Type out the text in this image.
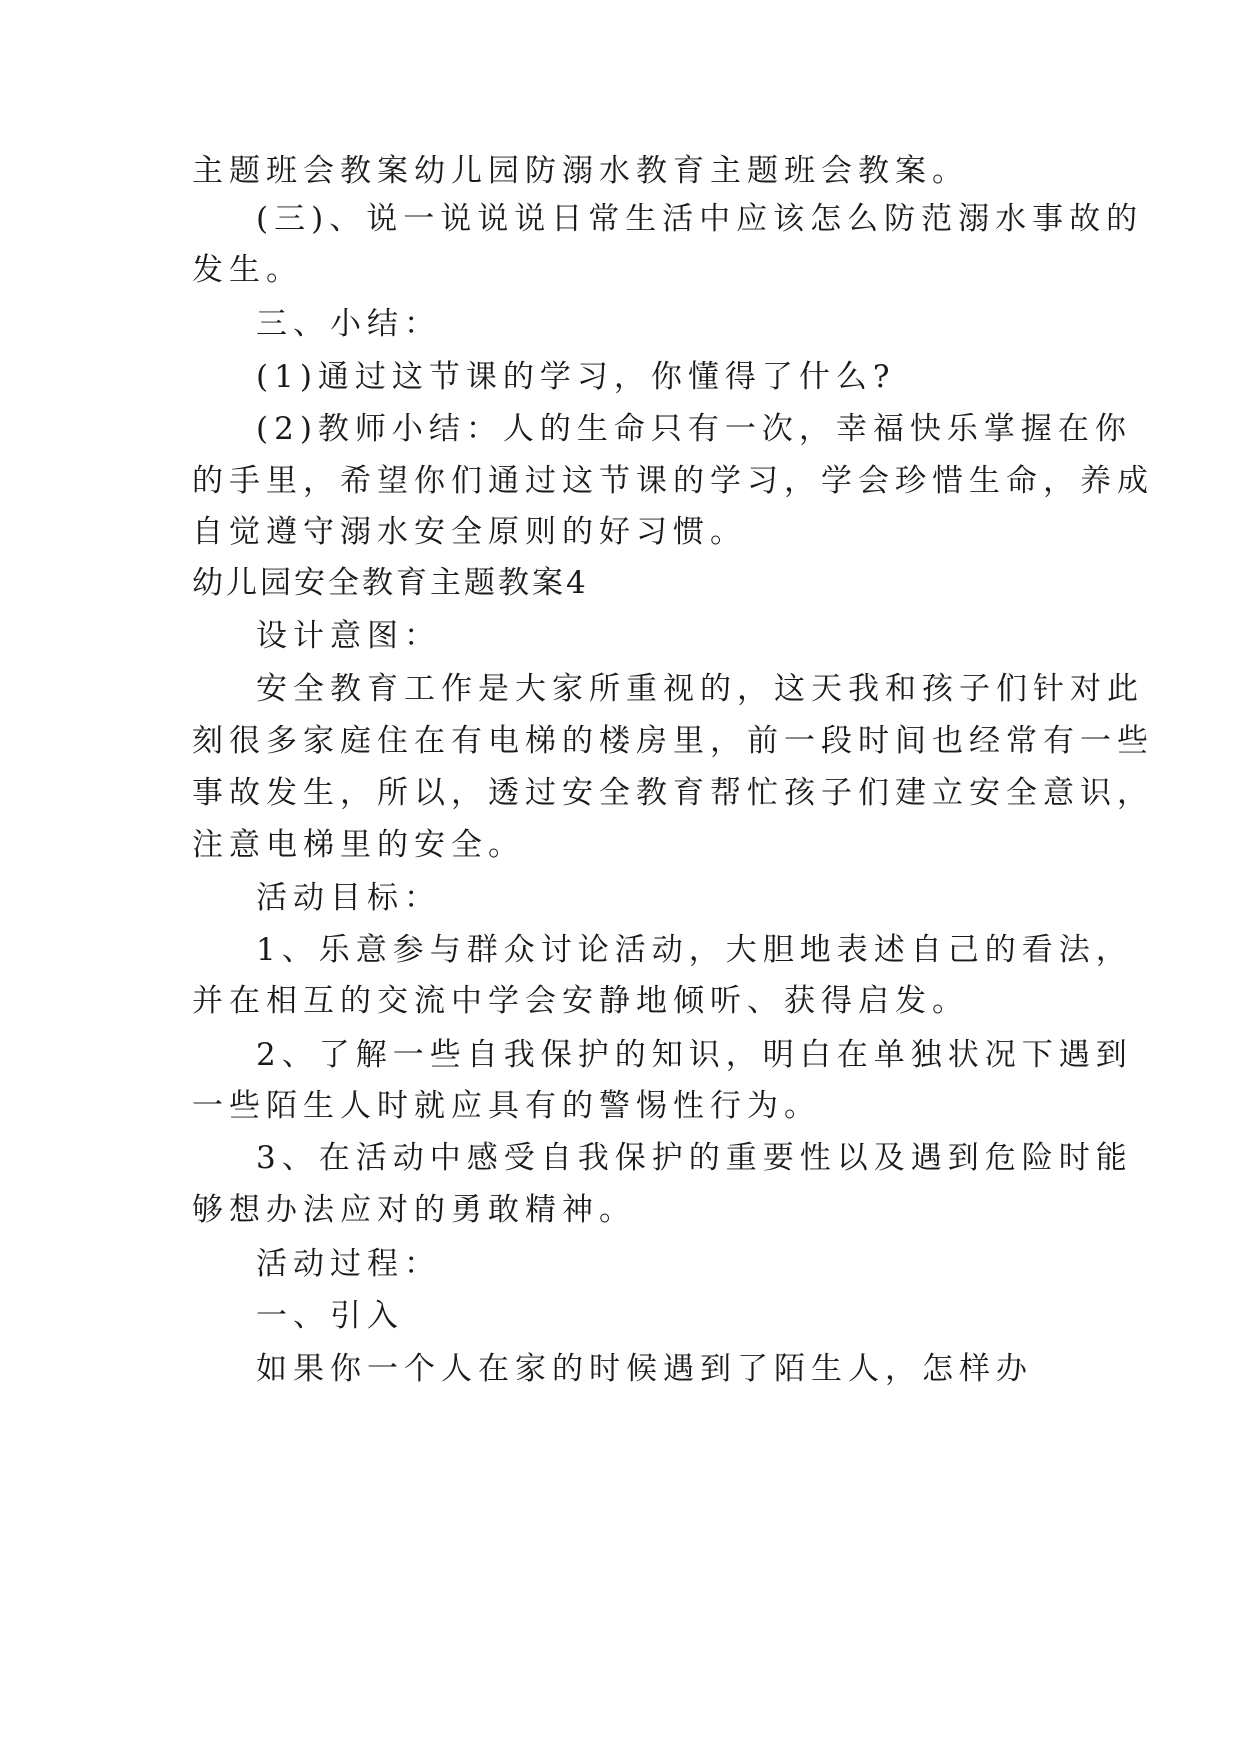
主题班会教案幼儿园防溺水教育主题班会教案。

(三)、说一说说说日常生活中应该怎么防范溺水事故的

发生。

三、小结：

(1)通过这节课的学习，你懂得了什么?

(2)教师小结：人的生命只有一次，幸福快乐掌握在你

的手里，希望你们通过这节课的学习，学会珍惜生命，养成

自觉遵守溺水安全原则的好习惯。

幼儿园安全教育主题教案4

设计意图：

安全教育工作是大家所重视的，这天我和孩子们针对此

刻很多家庭住在有电梯的楼房里，前一段时间也经常有一些

事故发生，所以，透过安全教育帮忙孩子们建立安全意识，

注意电梯里的安全。

活动目标：

1、乐意参与群众讨论活动，大胆地表述自己的看法，

并在相互的交流中学会安静地倾听、获得启发。

2、了解一些自我保护的知识，明白在单独状况下遇到

一些陌生人时就应具有的警惕性行为。

3、在活动中感受自我保护的重要性以及遇到危险时能

够想办法应对的勇敢精神。

活动过程：

一、引入

如果你一个人在家的时候遇到了陌生人，怎样办
